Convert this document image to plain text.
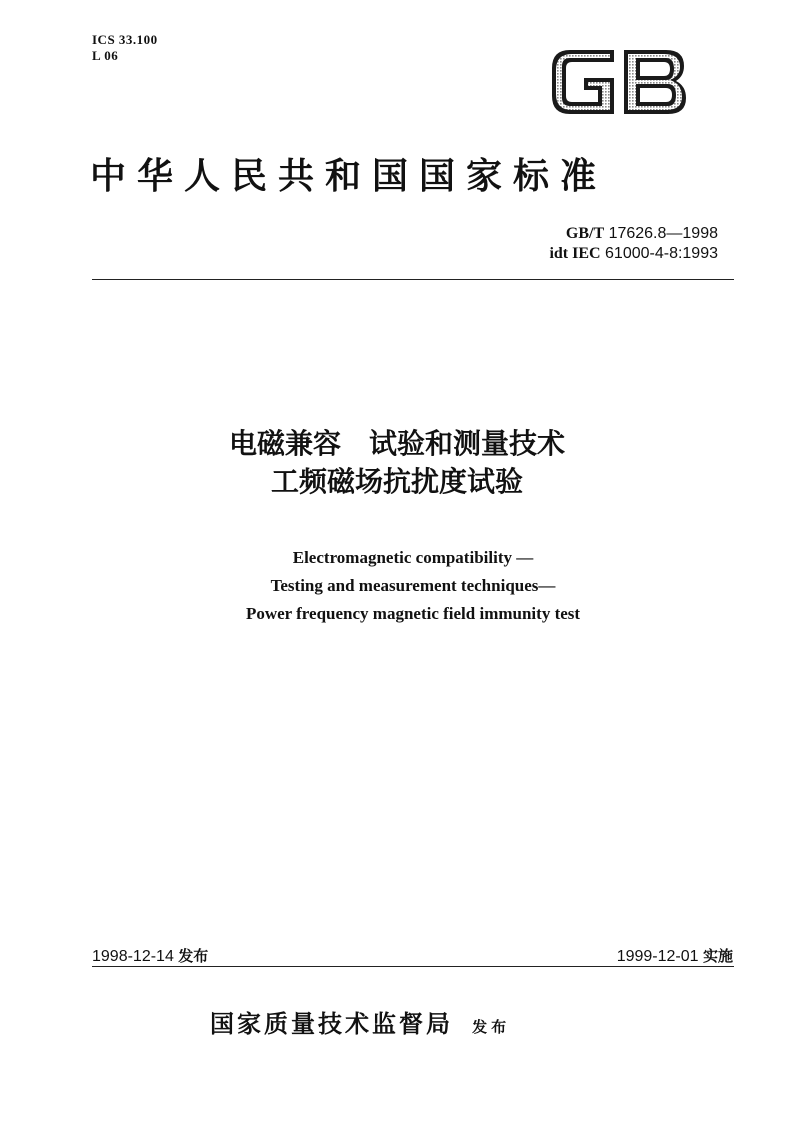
ICS 33.100
L 06
中华人民共和国国家标准
GB/T 17626.8—1998
idt IEC 61000-4-8:1993
电磁兼容　试验和测量技术
工频磁场抗扰度试验
Electromagnetic compatibility —
Testing and measurement techniques—
Power frequency magnetic field immunity test
1998-12-14 发布	1999-12-01 实施
国家质量技术监督局 发布
